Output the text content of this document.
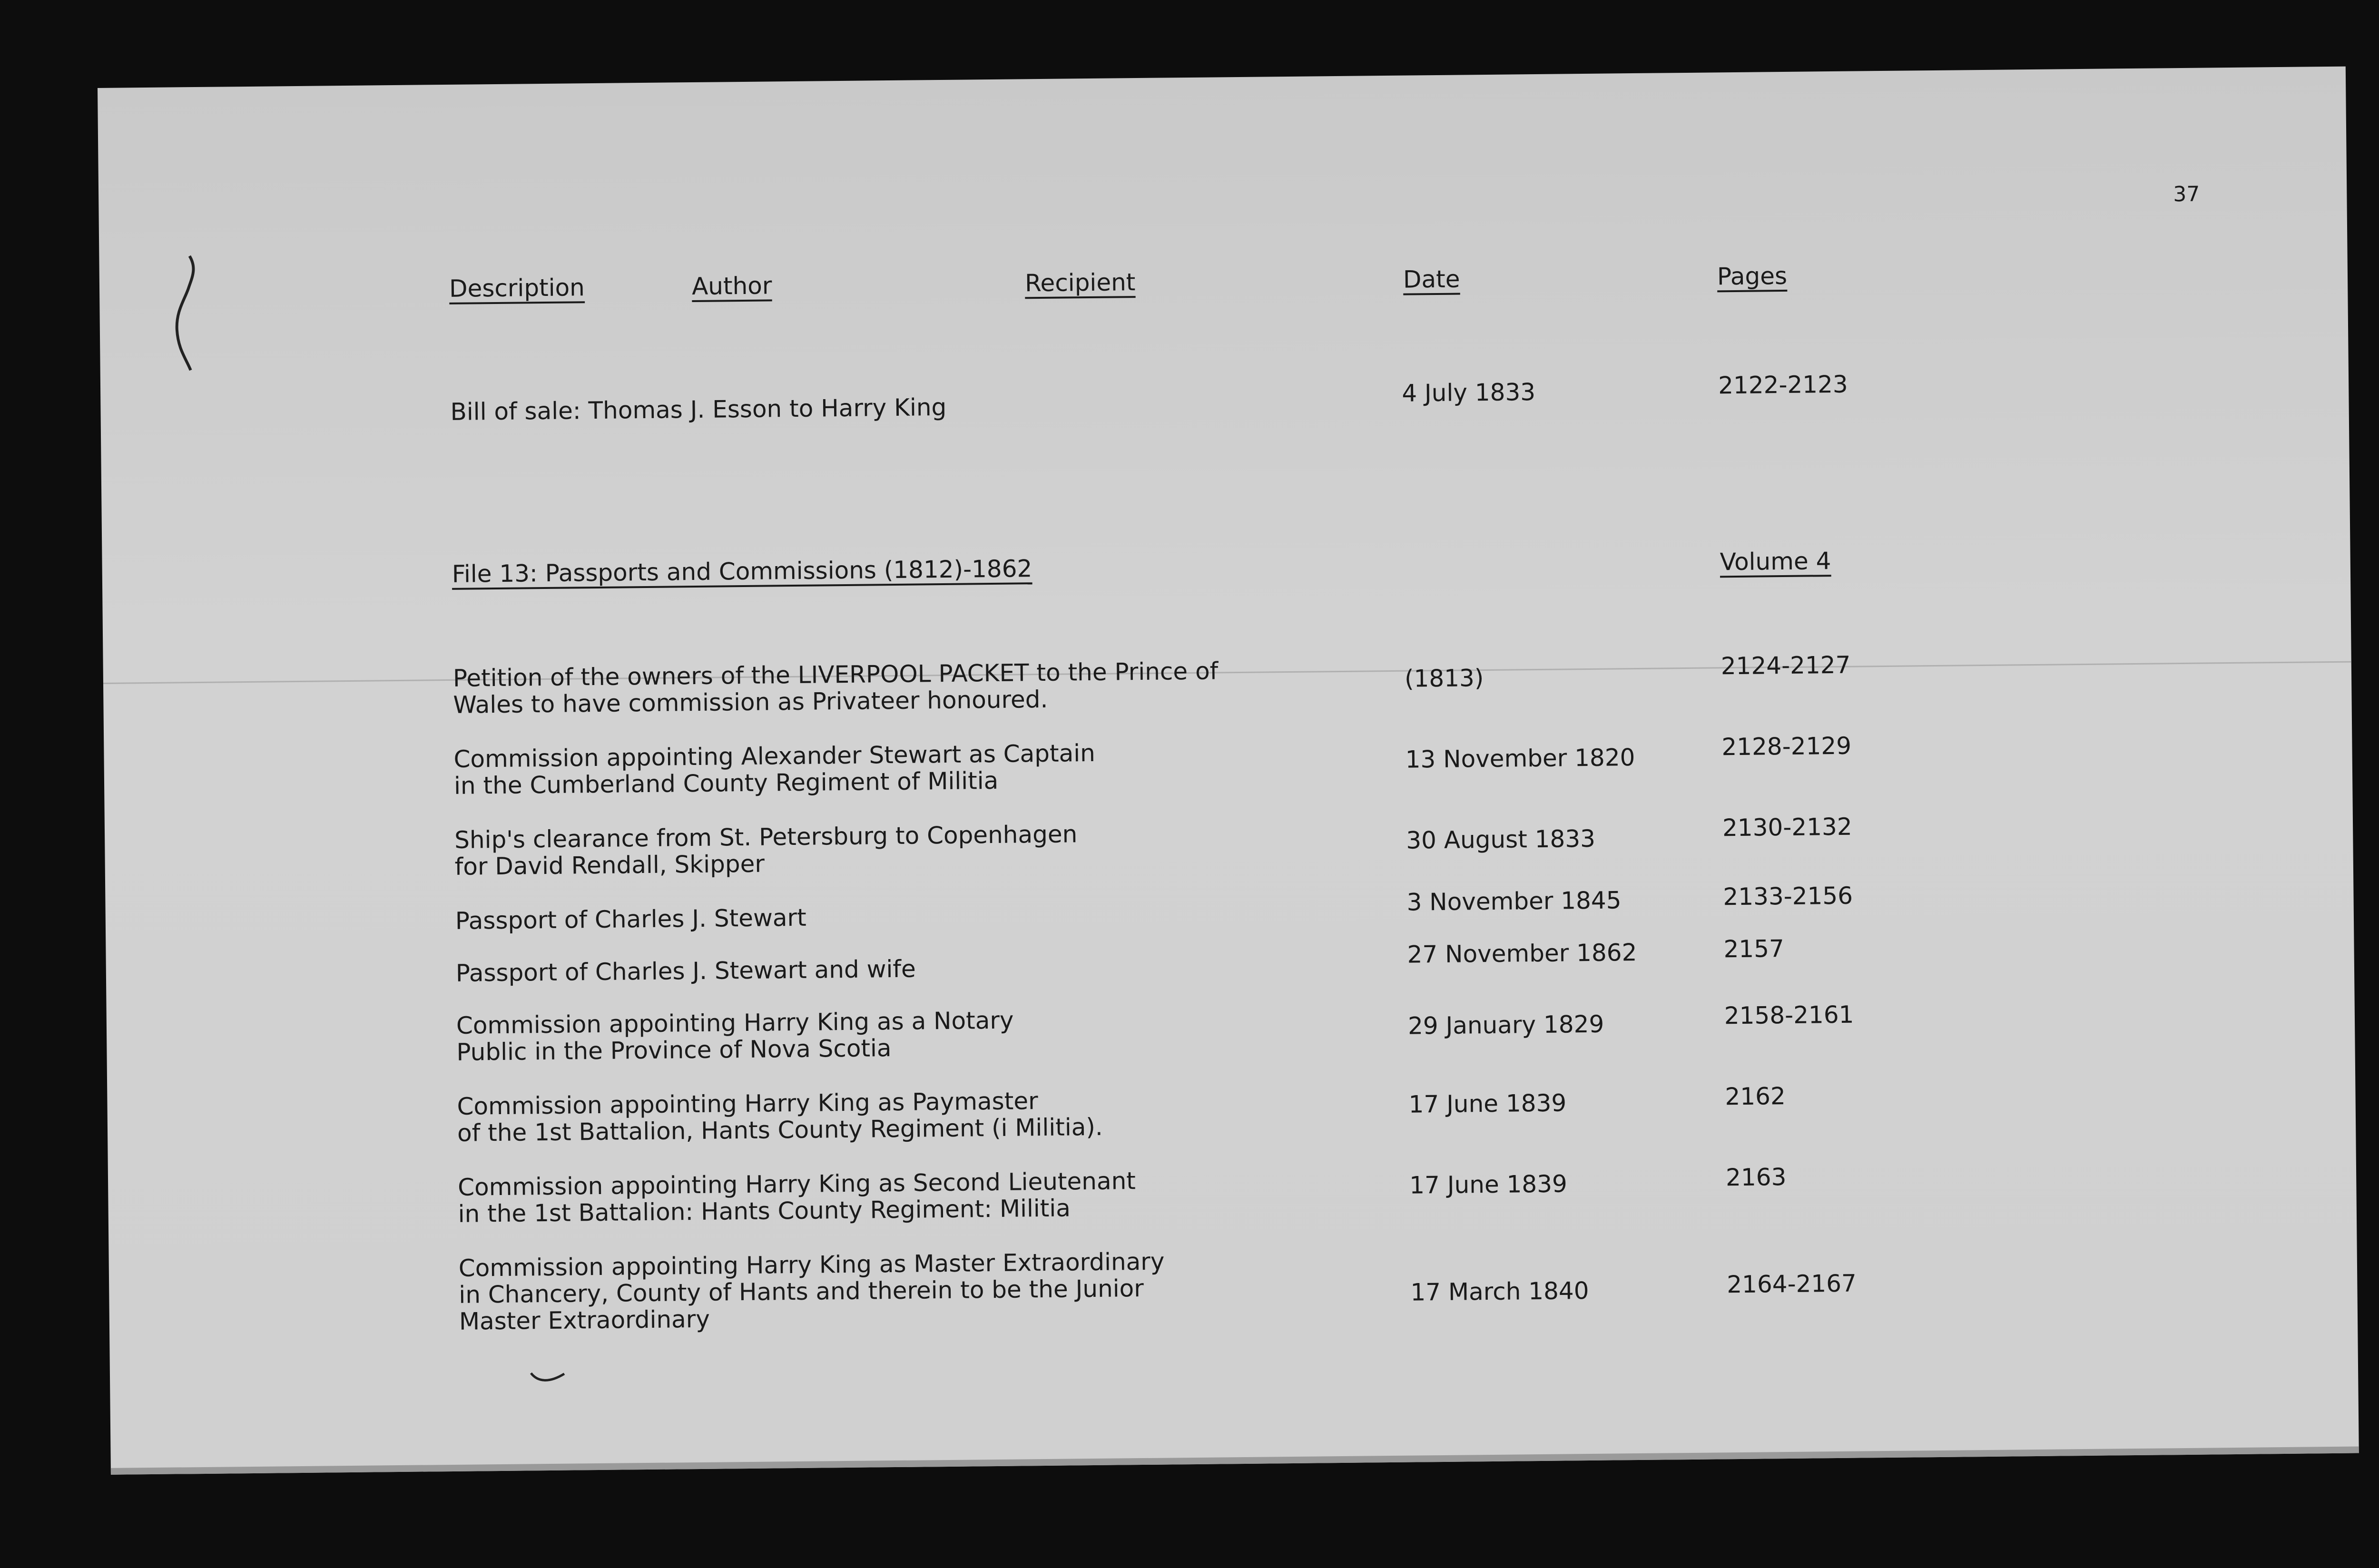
37
Description	Author	Recipient	Date	Pages
Bill of sale: Thomas J. Esson to Harry King
4 July 1833	2122-2123
File 13: Passports and Commissions (1812)-1862	Volume 4
Petition of the owners of the LIVERPOOL PACKET to the Prince of
Wales to have commission as Privateer honoured.
(1813)	2124-2127
Commission appointing Alexander Stewart as Captain
in the Cumberland County Regiment of Militia
13 November 1820	2128-2129
Ship's clearance from St. Petersburg to Copenhagen
for David Rendall, Skipper
30 August 1833	2130-2132
Passport of Charles J. Stewart
3 November 1845	2133-2156
Passport of Charles J. Stewart and wife
27 November 1862	2157
Commission appointing Harry King as a Notary
Public in the Province of Nova Scotia
29 January 1829	2158-2161
Commission appointing Harry King as Paymaster
of the 1st Battalion, Hants County Regiment (i Militia).
17 June 1839	2162
Commission appointing Harry King as Second Lieutenant
in the 1st Battalion: Hants County Regiment: Militia
17 June 1839	2163
Commission appointing Harry King as Master Extraordinary
in Chancery, County of Hants and therein to be the Junior
Master Extraordinary
17 March 1840	2164-2167
